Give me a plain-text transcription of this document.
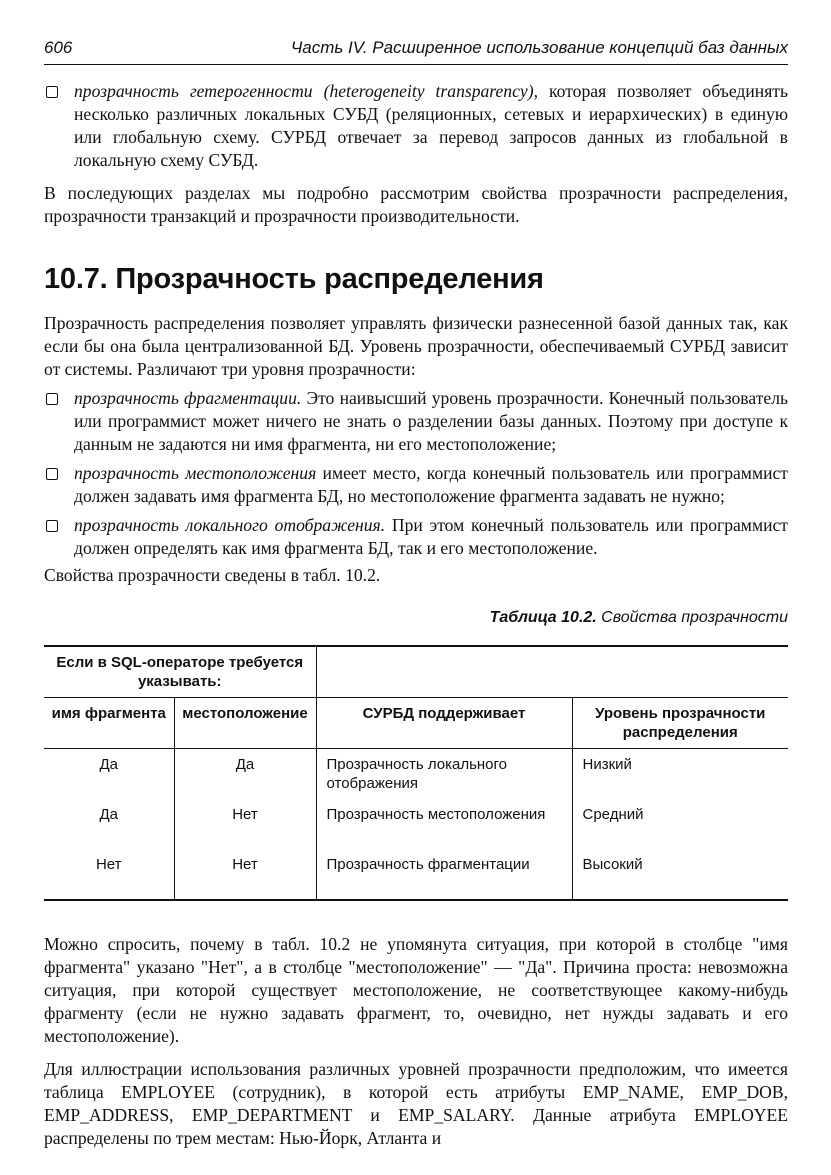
606	Часть IV. Расширенное использование концепций баз данных

прозрачность гетерогенности (heterogeneity transparency), которая позволяет объединять несколько различных локальных СУБД (реляционных, сетевых и иерархических) в единую или глобальную схему. СУРБД отвечает за перевод запросов данных из глобальной в локальную схему СУБД.

В последующих разделах мы подробно рассмотрим свойства прозрачности распределения, прозрачности транзакций и прозрачности производительности.

10.7. Прозрачность распределения

Прозрачность распределения позволяет управлять физически разнесенной базой данных так, как если бы она была централизованной БД. Уровень прозрачности, обеспечиваемый СУРБД зависит от системы. Различают три уровня прозрачности:

прозрачность фрагментации. Это наивысший уровень прозрачности. Конечный пользователь или программист может ничего не знать о разделении базы данных. Поэтому при доступе к данным не задаются ни имя фрагмента, ни его местоположение;

прозрачность местоположения имеет место, когда конечный пользователь или программист должен задавать имя фрагмента БД, но местоположение фрагмента задавать не нужно;

прозрачность локального отображения. При этом конечный пользователь или программист должен определять как имя фрагмента БД, так и его местоположение.

Свойства прозрачности сведены в табл. 10.2.

Таблица 10.2. Свойства прозрачности
Если в SQL-операторе требуется указывать:			
имя фрагмента	местоположение	СУРБД поддерживает	Уровень прозрачности распределения
Да	Да	Прозрачность локального отображения	Низкий
Да	Нет	Прозрачность местоположения	Средний
Нет	Нет	Прозрачность фрагментации	Высокий

Можно спросить, почему в табл. 10.2 не упомянута ситуация, при которой в столбце "имя фрагмента" указано "Нет", а в столбце "местоположение" — "Да". Причина проста: невозможна ситуация, при которой существует местоположение, не соответствующее какому-нибудь фрагменту (если не нужно задавать фрагмент, то, очевидно, нет нужды задавать и его местоположение).

Для иллюстрации использования различных уровней прозрачности предположим, что имеется таблица EMPLOYEE (сотрудник), в которой есть атрибуты EMP_NAME, EMP_DOB, EMP_ADDRESS, EMP_DEPARTMENT и EMP_SALARY. Данные атрибута EMPLOYEE распределены по трем местам: Нью-Йорк, Атланта и
